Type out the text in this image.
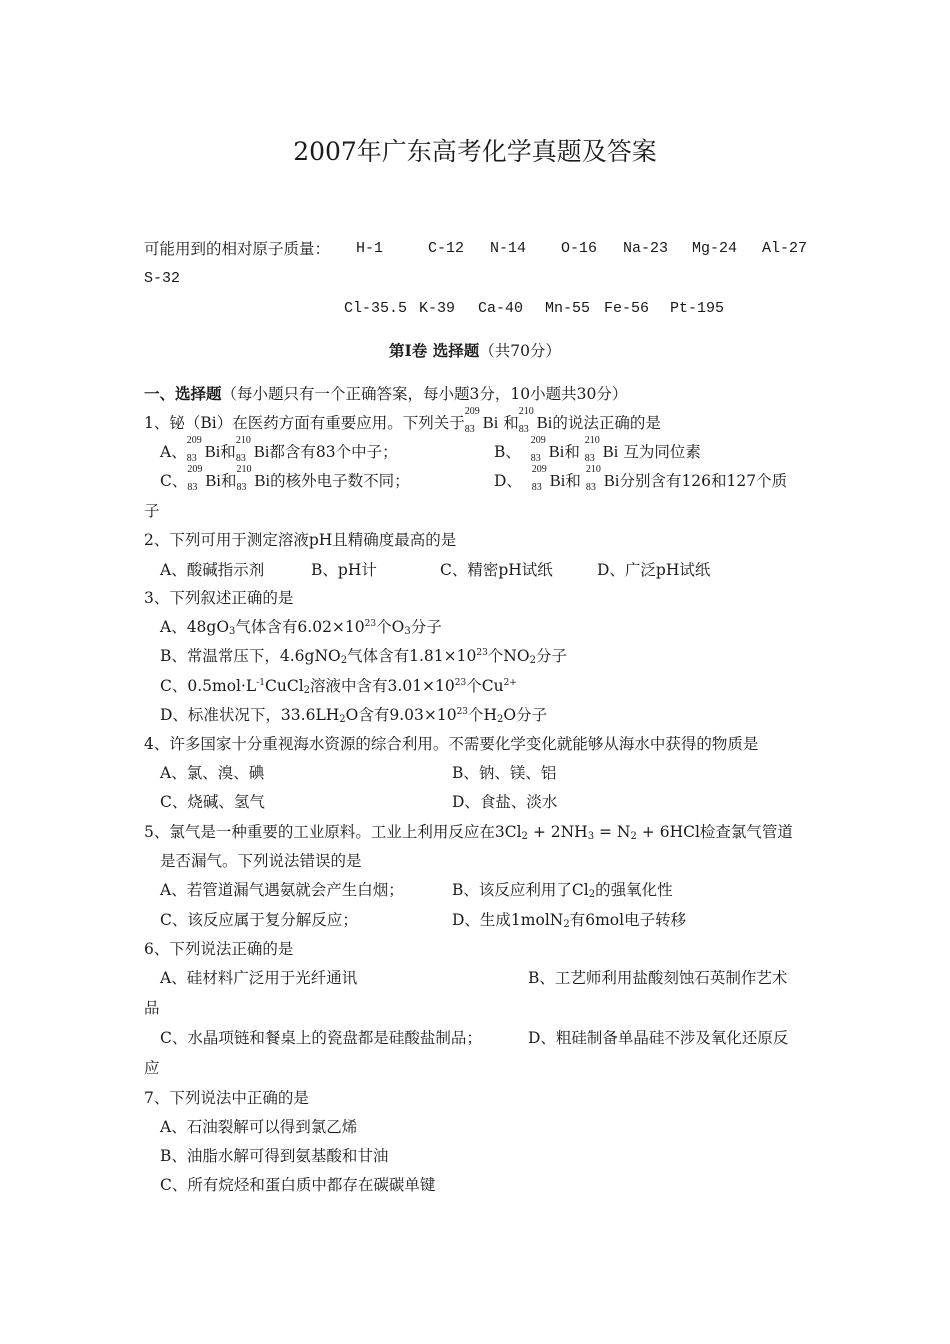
2007年广东高考化学真题及答案
可能用到的相对原子质量： H-1	C-12 N-14 O-16 Na-23 Mg-24 Al-27
S-32
Cl-35.5 K-39 Ca-40 Mn-55 Fe-56 Pt-195
第Ⅰ卷 选择题（共70分）
一、选择题（每小题只有一个正确答案，每小题3分，10小题共30分）
1、铋（Bi）在医药方面有重要应用。下列关于
209
83 Bi 和
210
83 Bi的说法正确的是
A、
209
83 Bi和
210
83 Bi都含有83个中子；	B、
209
83 Bi和
210
83 Bi 互为同位素
C、
209
83 Bi和
210
83 Bi的核外电子数不同；	D、
209
83 Bi和
210
83 Bi分别含有126和127个质
子
2、下列可用于测定溶液pH且精确度最高的是
A、酸碱指示剂	B、pH计	C、精密pH试纸	D、广泛pH试纸
3、下列叙述正确的是
A、$48gO_3$气体含有$6.02\times 10^{23}$个$O_3$分子
B、常温常压下，4.6gNO$_2$气体含有$1.81\times 10^{23}$个$NO_2$分子
C、$0.5mol\cdot L^{-1}CuCl_2$溶液中含有$3.01\times 10^{23}$个$Cu^{2+}$
D、标准状况下，$33.6LH_2O$含有$9.03\times 10^{23}$个$H_2O$分子
4、许多国家十分重视海水资源的综合利用。不需要化学变化就能够从海水中获得的物质是
A、氯、溴、碘	B、钠、镁、铝
C、烧碱、氢气	D、食盐、淡水
5、氯气是一种重要的工业原料。工业上利用反应在$3Cl_2 + 2NH_3 = N_2 + 6HCl$检查氯气管道
是否漏气。下列说法错误的是
A、若管道漏气遇氨就会产生白烟；	B、该反应利用了$Cl_2$的强氧化性
C、该反应属于复分解反应；	D、生成1molN$_2$有6mol电子转移
6、下列说法正确的是
A、硅材料广泛用于光纤通讯	B、工艺师利用盐酸刻蚀石英制作艺术
品
C、水晶项链和餐桌上的瓷盘都是硅酸盐制品；	D、粗硅制备单晶硅不涉及氧化还原反
应
7、下列说法中正确的是
A、石油裂解可以得到氯乙烯
B、油脂水解可得到氨基酸和甘油
C、所有烷烃和蛋白质中都存在碳碳单键
